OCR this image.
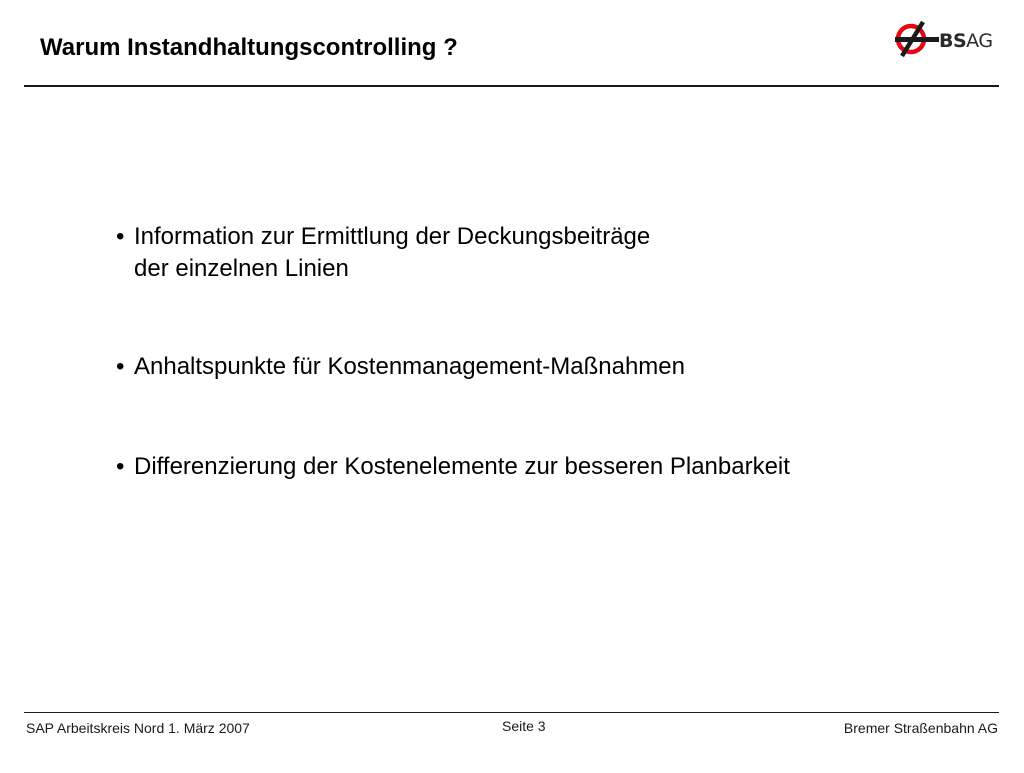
Warum Instandhaltungscontrolling ?	BSAG
• Information zur Ermittlung der Deckungsbeiträge
der einzelnen Linien
• Anhaltspunkte für Kostenmanagement-Maßnahmen
• Differenzierung der Kostenelemente zur besseren Planbarkeit
SAP Arbeitskreis Nord 1. März 2007	Seite 3	Bremer Straßenbahn AG
